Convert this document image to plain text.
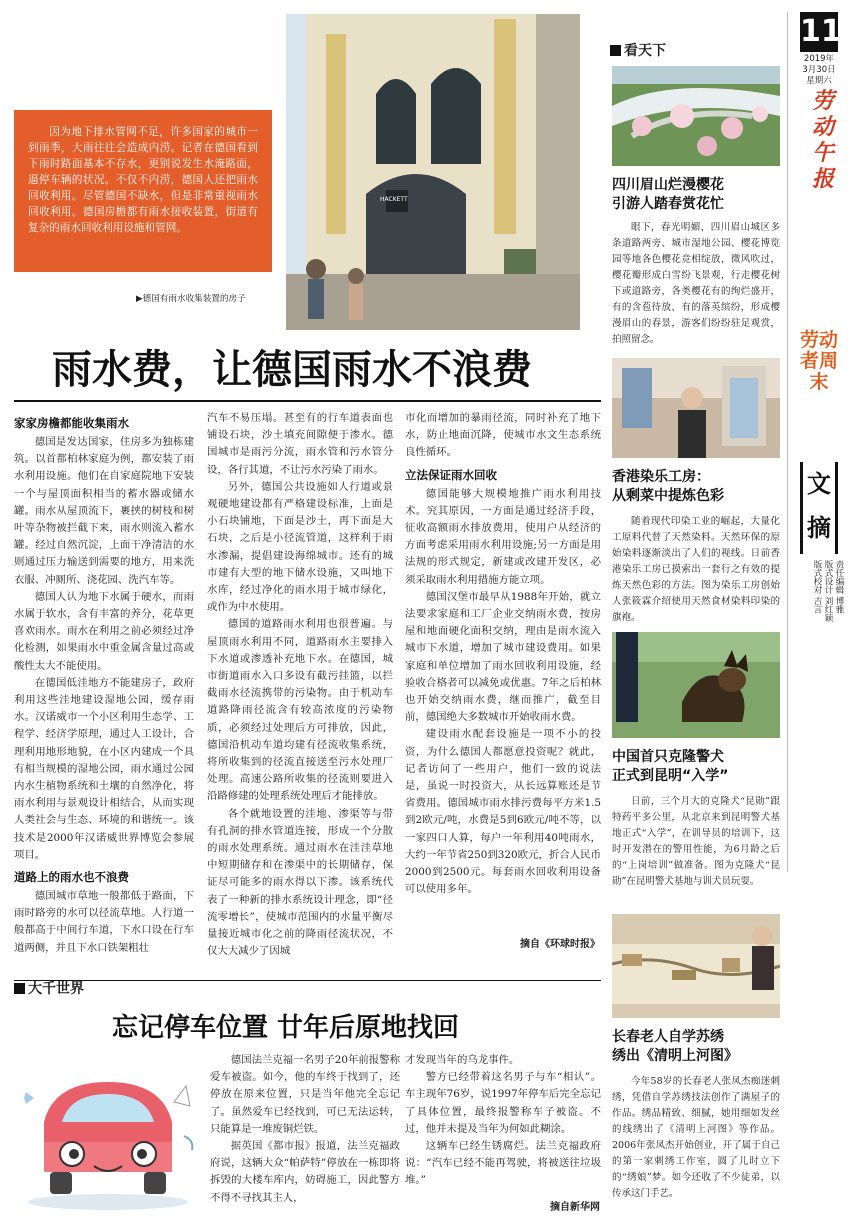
11
2019年
3月30日
星期六
劳
动
午
报
劳动者周末
文摘
责任编辑 博雅
版式设计 刘红颖
版式校对 吉言
HACKETT
因为地下排水管网不足，许多国家的城市一到雨季，大雨往往会造成内涝。记者在德国看到下雨时路面基本不存水，更别说发生水淹路面，逼停车辆的状况。不仅不内涝，德国人还把雨水回收利用。尽管德国不缺水，但是非常重视雨水回收利用。德国房檐都有雨水接收装置，街道有复杂的雨水回收利用设施和管网。
▶德国有雨水收集装置的房子
雨水费，让德国雨水不浪费
家家房檐都能收集雨水

德国是发达国家，住房多为独栋建筑。以首都柏林家庭为例，都安装了雨水利用设施。他们在自家庭院地下安装一个与屋顶面积相当的蓄水器或储水罐。雨水从屋顶流下，裹挟的树枝和树叶等杂物被拦截下来，雨水则流入蓄水罐。经过自然沉淀，上面干净清洁的水则通过压力输送到需要的地方，用来洗衣服、冲厕所、浇花园、洗汽车等。

德国人认为地下水属于硬水，而雨水属于软水，含有丰富的养分，花草更喜欢雨水。雨水在利用之前必须经过净化检测，如果雨水中重金属含量过高或酸性太大不能使用。

在德国低洼地方不能建房子，政府利用这些洼地建设湿地公园，缓存雨水。汉诺威市一个小区利用生态学、工程学、经济学原理，通过人工设计，合理利用地形地貌，在小区内建成一个具有相当规模的湿地公园，雨水通过公园内水生植物系统和土壤的自然净化，将雨水利用与景观设计相结合，从而实现人类社会与生态、环境的和谐统一。该技术是2000年汉诺威世界博览会参展项目。

道路上的雨水也不浪费

德国城市草地一般都低于路面，下雨时路旁的水可以径流草地。人行道一般都高于中间行车道，下水口设在行车道两侧，并且下水口铁架粗壮

汽车不易压塌。甚至有的行车道表面也铺设石块，沙土填充间隙便于渗水。德国城市是雨污分流，雨水管和污水管分设，各行其道，不让污水污染了雨水。

另外，德国公共设施如人行道或景观硬地建设都有严格建设标准，上面是小石块铺地，下面是沙土，再下面是大石块，之后是小径流管道，这样利于雨水渗漏，提倡建设海绵城市。还有的城市建有大型的地下储水设施，又叫地下水库，经过净化的雨水用于城市绿化，或作为中水使用。

德国的道路雨水利用也很普遍。与屋顶雨水利用不同，道路雨水主要排入下水道或渗透补充地下水。在德国，城市街道雨水入口多设有截污挂篮，以拦截雨水径流携带的污染物。由于机动车道路降雨径流含有较高浓度的污染物质，必须经过处理后方可排放，因此，德国沿机动车道均建有径流收集系统，将所收集到的径流直接送至污水处理厂处理。高速公路所收集的径流则要进入沿路修建的处理系统处理后才能排放。

各个就地设置的洼地、渗渠等与带有孔洞的排水管道连接，形成一个分散的雨水处理系统。通过雨水在洼洼草地中短期储存和在渗渠中的长期储存，保证尽可能多的雨水得以下渗。该系统代表了一种新的排水系统设计理念，即“径流零增长”，使城市范围内的水量平衡尽量接近城市化之前的降雨径流状况，不仅大大减少了因城

市化而增加的暴雨径流，同时补充了地下水，防止地面沉降，使城市水文生态系统良性循环。

立法保证雨水回收

德国能够大规模地推广雨水利用技术。究其原因，一方面是通过经济手段，征收高额雨水排放费用，使用户从经济的方面考虑采用雨水利用设施;另一方面是用法规的形式规定，新建或改建开发区，必须采取雨水利用措施方能立项。

德国汉堡市最早从1988年开始，就立法要求家庭和工厂企业交纳雨水费，按房屋和地面硬化面积交纳，理由是雨水流入城市下水道，增加了城市建设费用。如果家庭和单位增加了雨水回收利用设施，经验收合格者可以减免或优惠。7年之后柏林也开始交纳雨水费，继而推广，截至目前，德国绝大多数城市开始收雨水费。

建设雨水配套设施是一项不小的投资，为什么德国人都愿意投资呢？就此，记者访问了一些用户，他们一致的说法是，虽说一时投资大，从长远算账还是节省费用。德国城市雨水排污费每平方米1.5到2欧元/吨，水费是5到6欧元/吨不等，以一家四口人算，每户一年利用40吨雨水，大约一年节省250到320欧元，折合人民币2000到2500元。每套雨水回收利用设备可以使用多年。

摘自《环球时报》
大千世界
忘记停车位置 廿年后原地找回

德国法兰克福一名男子20年前报警称爱车被盗。如今，他的车终于找到了，还停放在原来位置，只是当年他完全忘记了。虽然爱车已经找到，可已无法运转，只能算是一堆废铜烂铁。

据英国《都市报》报道，法兰克福政府说，这辆大众“帕萨特”停放在一栋即将拆毁的大楼车库内，妨碍施工，因此警方不得不寻找其主人，

才发现当年的乌龙事件。

警方已经带着这名男子与车“相认”。车主现年76岁，说1997年停车后完全忘记了具体位置，最终报警称车子被盗。不过，他并未提及当年为何如此糊涂。

这辆车已经生锈腐烂。法兰克福政府说：“汽车已经不能再驾驶，将被送往垃圾堆。”

摘自新华网
看天下
四川眉山烂漫樱花
引游人踏春赏花忙
眼下，春光明媚，四川眉山城区多条道路两旁、城市湿地公园、樱花博览园等地各色樱花竞相绽放，微风吹过，樱花瓣形成白雪纷飞景观，行走樱花树下或道路旁，各类樱花有的绚烂盛开，有的含苞待放、有的落英缤纷，形成樱漫眉山的春景，游客们纷纷驻足观赏，拍照留念。
香港染乐工房：
从剩菜中提炼色彩
随着现代印染工业的崛起，大量化工原料代替了天然染料。天然环保的原始染料逐渐淡出了人们的视线。日前香港染乐工房已摸索出一套行之有效的提炼天然色彩的方法。图为染乐工房创始人张筱霖介绍使用天然食材染料印染的旗袍。
中国首只克隆警犬
正式到昆明“入学”
日前，三个月大的克隆犬“昆勋”跟特药平多公里，从北京来到昆明警犬基地正式“入学”，在训导员的培训下，这时开发潜在的警用性能，为6月龄之后的“上岗培训”做准备。图为克隆犬“昆勋”在昆明警犬基地与训犬员玩耍。
长春老人自学苏绣
绣出《清明上河图》
今年58岁的长春老人张凤杰痴迷刺绣，凭借自学苏绣技法创作了满屋子的作品。绣品精致、细腻，她用细如发丝的线绣出了《清明上河图》等作品。2006年张凤杰开始创业，开了属于自己的第一家刺绣工作室，圆了儿时立下的“绣娘”梦。如今还收了不少徒弟，以传承这门手艺。
